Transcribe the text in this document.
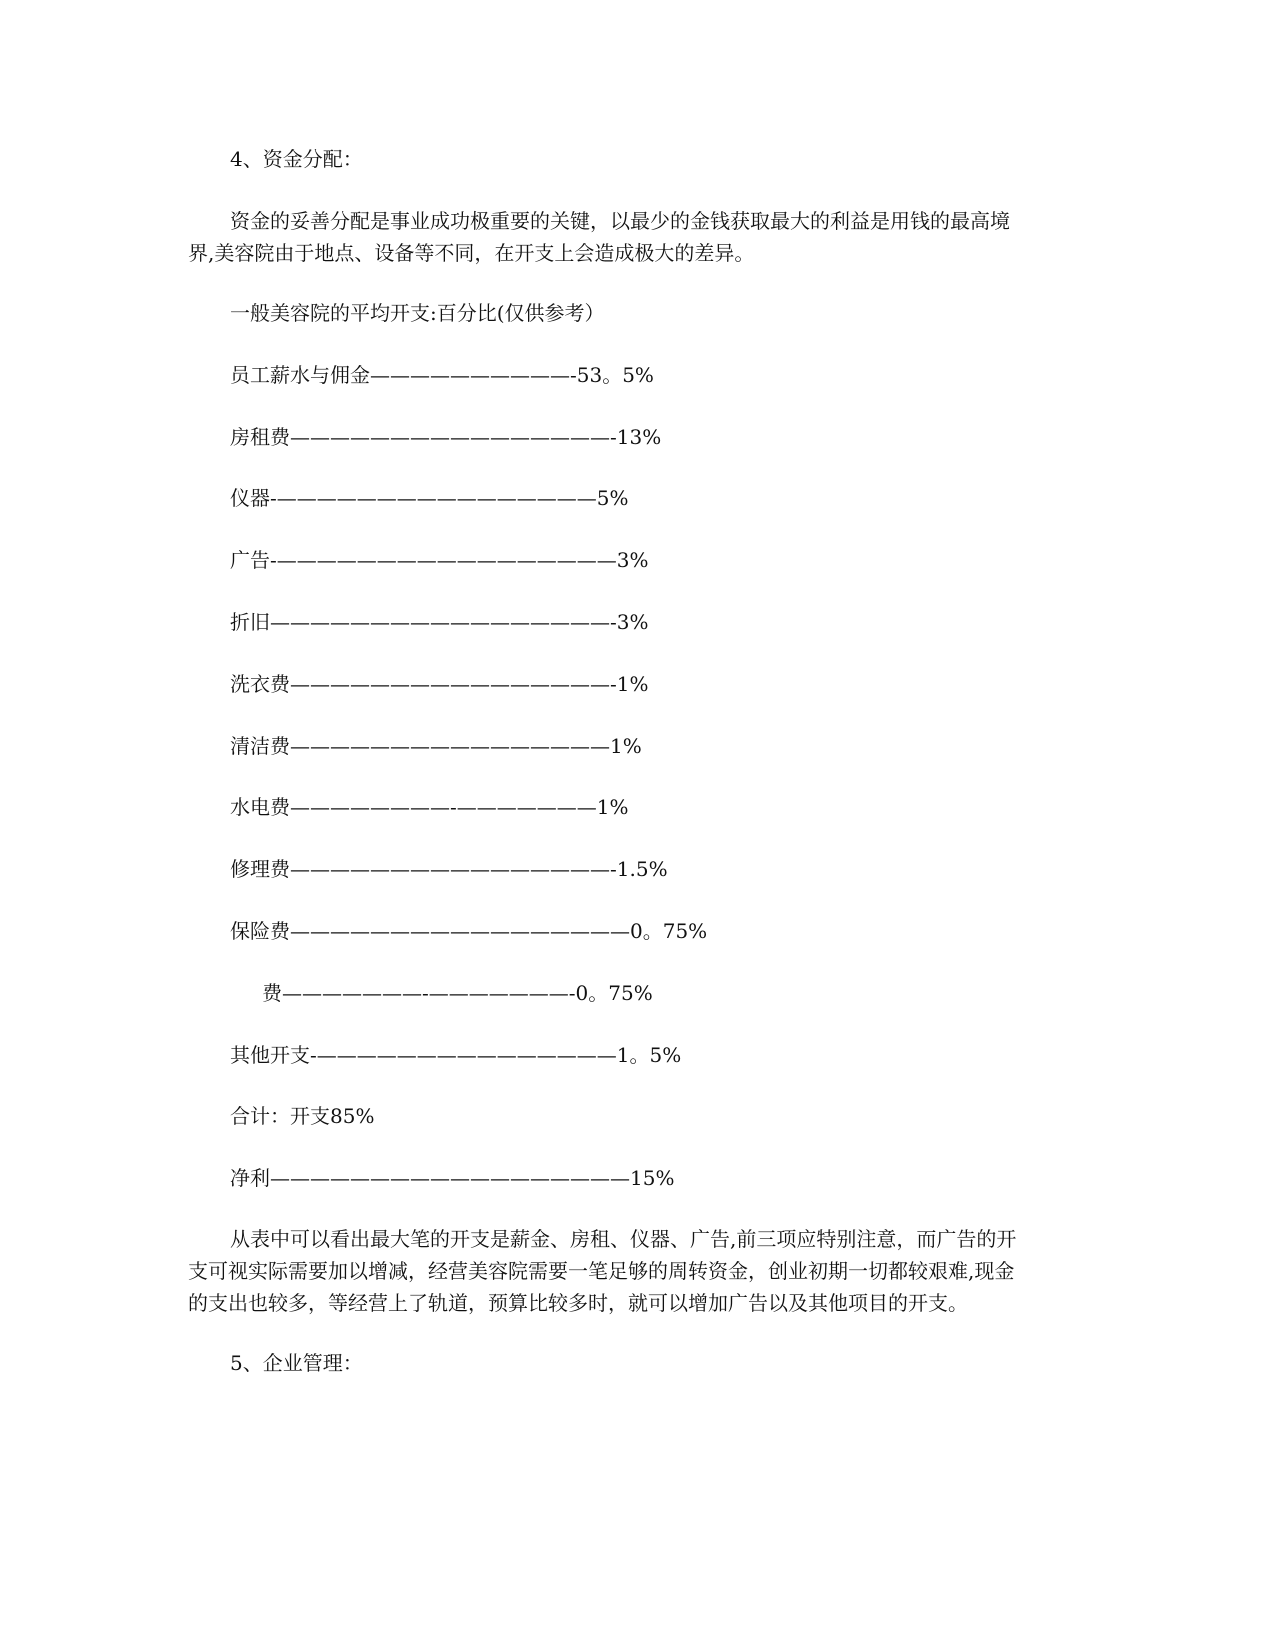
4、资金分配：
资金的妥善分配是事业成功极重要的关键，以最少的金钱获取最大的利益是用钱的最高境
界,美容院由于地点、设备等不同，在开支上会造成极大的差异。
一般美容院的平均开支:百分比(仅供参考）
员工薪水与佣金——————————-53。5%
房租费————————————————-13%
仪器-————————————————5%
广告-—————————————————3%
折旧—————————————————-3%
洗衣费————————————————-1%
清洁费————————————————1%
水电费————————-———————1%
修理费————————————————-1.5%
保险费—————————————————0。75%
费———————-———————-0。75%
其他开支-———————————————1。5%
合计：开支85%
净利——————————————————15%
从表中可以看出最大笔的开支是薪金、房租、仪器、广告,前三项应特别注意，而广告的开
支可视实际需要加以增减，经营美容院需要一笔足够的周转资金，创业初期一切都较艰难,现金
的支出也较多，等经营上了轨道，预算比较多时，就可以增加广告以及其他项目的开支。
5、企业管理：
